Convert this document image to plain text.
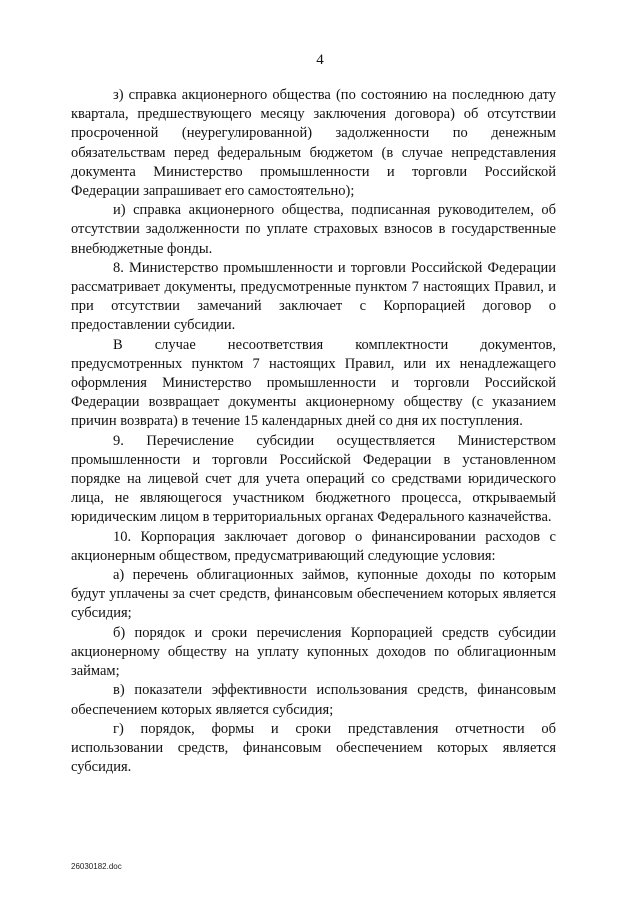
4

з) справка акционерного общества (по состоянию на последнюю дату квартала, предшествующего месяцу заключения договора) об отсутствии просроченной (неурегулированной) задолженности по денежным обязательствам перед федеральным бюджетом (в случае непредставления документа Министерство промышленности и торговли Российской Федерации запрашивает его самостоятельно);

и) справка акционерного общества, подписанная руководителем, об отсутствии задолженности по уплате страховых взносов в государственные внебюджетные фонды.

8. Министерство промышленности и торговли Российской Федерации рассматривает документы, предусмотренные пунктом 7 настоящих Правил, и при отсутствии замечаний заключает с Корпорацией договор о предоставлении субсидии.

В случае несоответствия комплектности документов, предусмотренных пунктом 7 настоящих Правил, или их ненадлежащего оформления Министерство промышленности и торговли Российской Федерации возвращает документы акционерному обществу (с указанием причин возврата) в течение 15 календарных дней со дня их поступления.

9. Перечисление субсидии осуществляется Министерством промышленности и торговли Российской Федерации в установленном порядке на лицевой счет для учета операций со средствами юридического лица, не являющегося участником бюджетного процесса, открываемый юридическим лицом в территориальных органах Федерального казначейства.

10. Корпорация заключает договор о финансировании расходов с акционерным обществом, предусматривающий следующие условия:

а) перечень облигационных займов, купонные доходы по которым будут уплачены за счет средств, финансовым обеспечением которых является субсидия;

б) порядок и сроки перечисления Корпорацией средств субсидии акционерному обществу на уплату купонных доходов по облигационным займам;

в) показатели эффективности использования средств, финансовым обеспечением которых является субсидия;

г) порядок, формы и сроки представления отчетности об использовании средств, финансовым обеспечением которых является субсидия.

26030182.doc
